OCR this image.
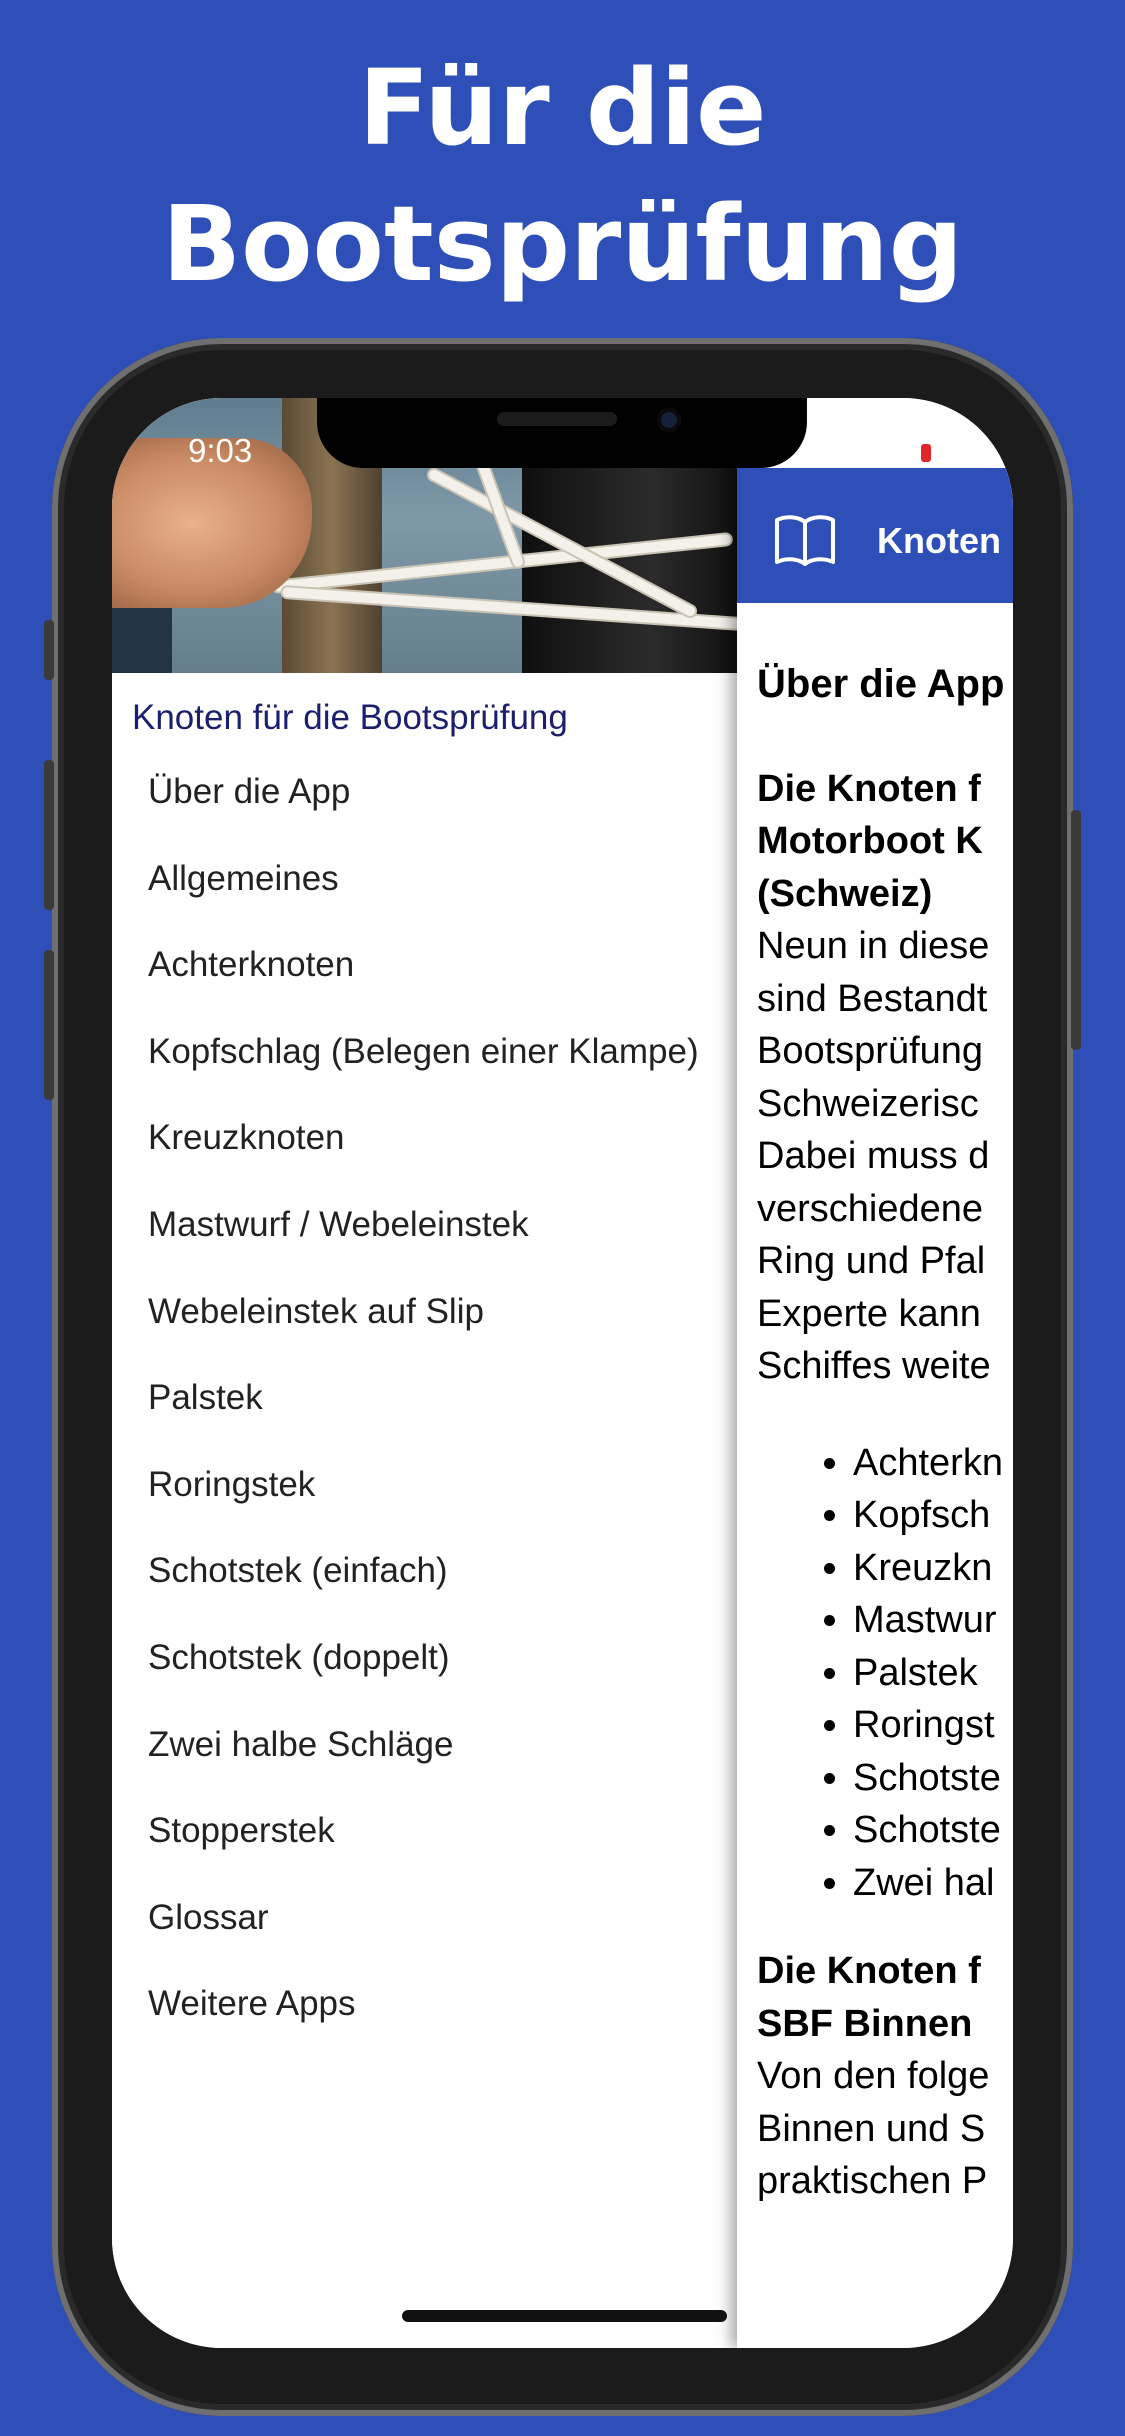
Für die
Bootsprüfung
9:03
Knoten für die Bootsprüfung
Über die App
Allgemeines
Achterknoten
Kopfschlag (Belegen einer Klampe)
Kreuzknoten
Mastwurf / Webeleinstek
Webeleinstek auf Slip
Palstek
Roringstek
Schotstek (einfach)
Schotstek (doppelt)
Zwei halbe Schläge
Stopperstek
Glossar
Weitere Apps
Knoten
Über die App
Die Knoten f
Motorboot K
(Schweiz)

Neun in diese

sind Bestandt

Bootsprüfung

Schweizerisc

Dabei muss d

verschiedene

Ring und Pfal

Experte kann

Schiffes weite

• Achterkn
• Kopfsch
• Kreuzkn
• Mastwur
• Palstek
• Roringst
• Schotste
• Schotste
• Zwei hal
Die Knoten f
SBF Binnen

Von den folge

Binnen und S

praktischen P
